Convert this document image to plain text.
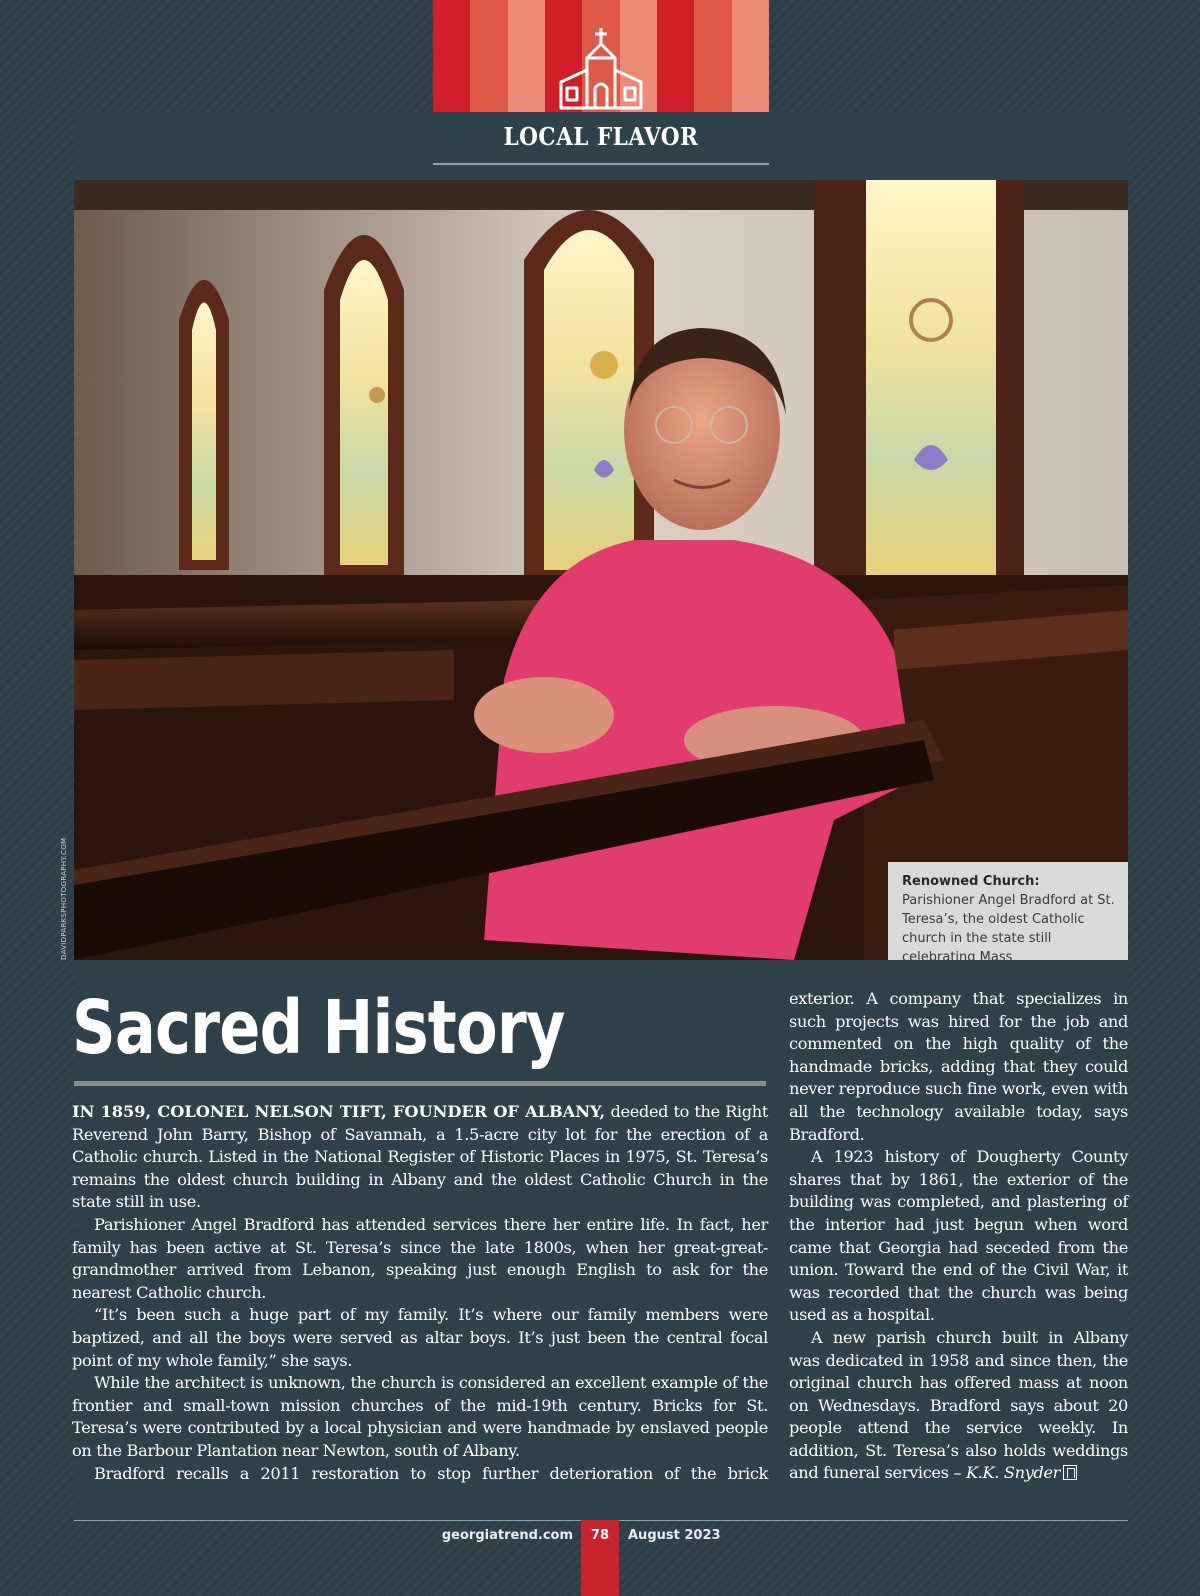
LOCAL FLAVOR
Renowned Church: Parishioner Angel Bradford at St. Teresa’s, the oldest Catholic church in the state still celebrating Mass
DAVIDPARKSPHOTOGRAPHY.COM
Sacred History

IN 1859, COLONEL NELSON TIFT, FOUNDER OF ALBANY, deeded to the Right Reverend John Barry, Bishop of Savannah, a 1.5-acre city lot for the erection of a Catholic church. Listed in the National Register of Historic Places in 1975, St. Teresa’s remains the oldest church building in Albany and the oldest Catholic Church in the state still in use.

Parishioner Angel Bradford has attended services there her entire life. In fact, her family has been active at St. Teresa’s since the late 1800s, when her great-great-grandmother arrived from Lebanon, speaking just enough English to ask for the nearest Catholic church.

“It’s been such a huge part of my family. It’s where our family members were baptized, and all the boys were served as altar boys. It’s just been the central focal point of my whole family,” she says.

While the architect is unknown, the church is considered an excellent example of the frontier and small-town mission churches of the mid-19th century. Bricks for St. Teresa’s were contributed by a local physician and were handmade by enslaved people on the Barbour Plantation near Newton, south of Albany.

Bradford recalls a 2011 restoration to stop further deterioration of the brick

exterior. A company that specializes in such projects was hired for the job and commented on the high quality of the handmade bricks, adding that they could never reproduce such fine work, even with all the technology available today, says Bradford.

A 1923 history of Dougherty County shares that by 1861, the exterior of the building was completed, and plastering of the interior had just begun when word came that Georgia had seceded from the union. Toward the end of the Civil War, it was recorded that the church was being used as a hospital.

A new parish church built in Albany was dedicated in 1958 and since then, the original church has offered mass at noon on Wednesdays. Bradford says about 20 people attend the service weekly. In addition, St. Teresa’s also holds weddings and funeral services – K.K. Snyder

georgiatrend.com	78	August 2023
